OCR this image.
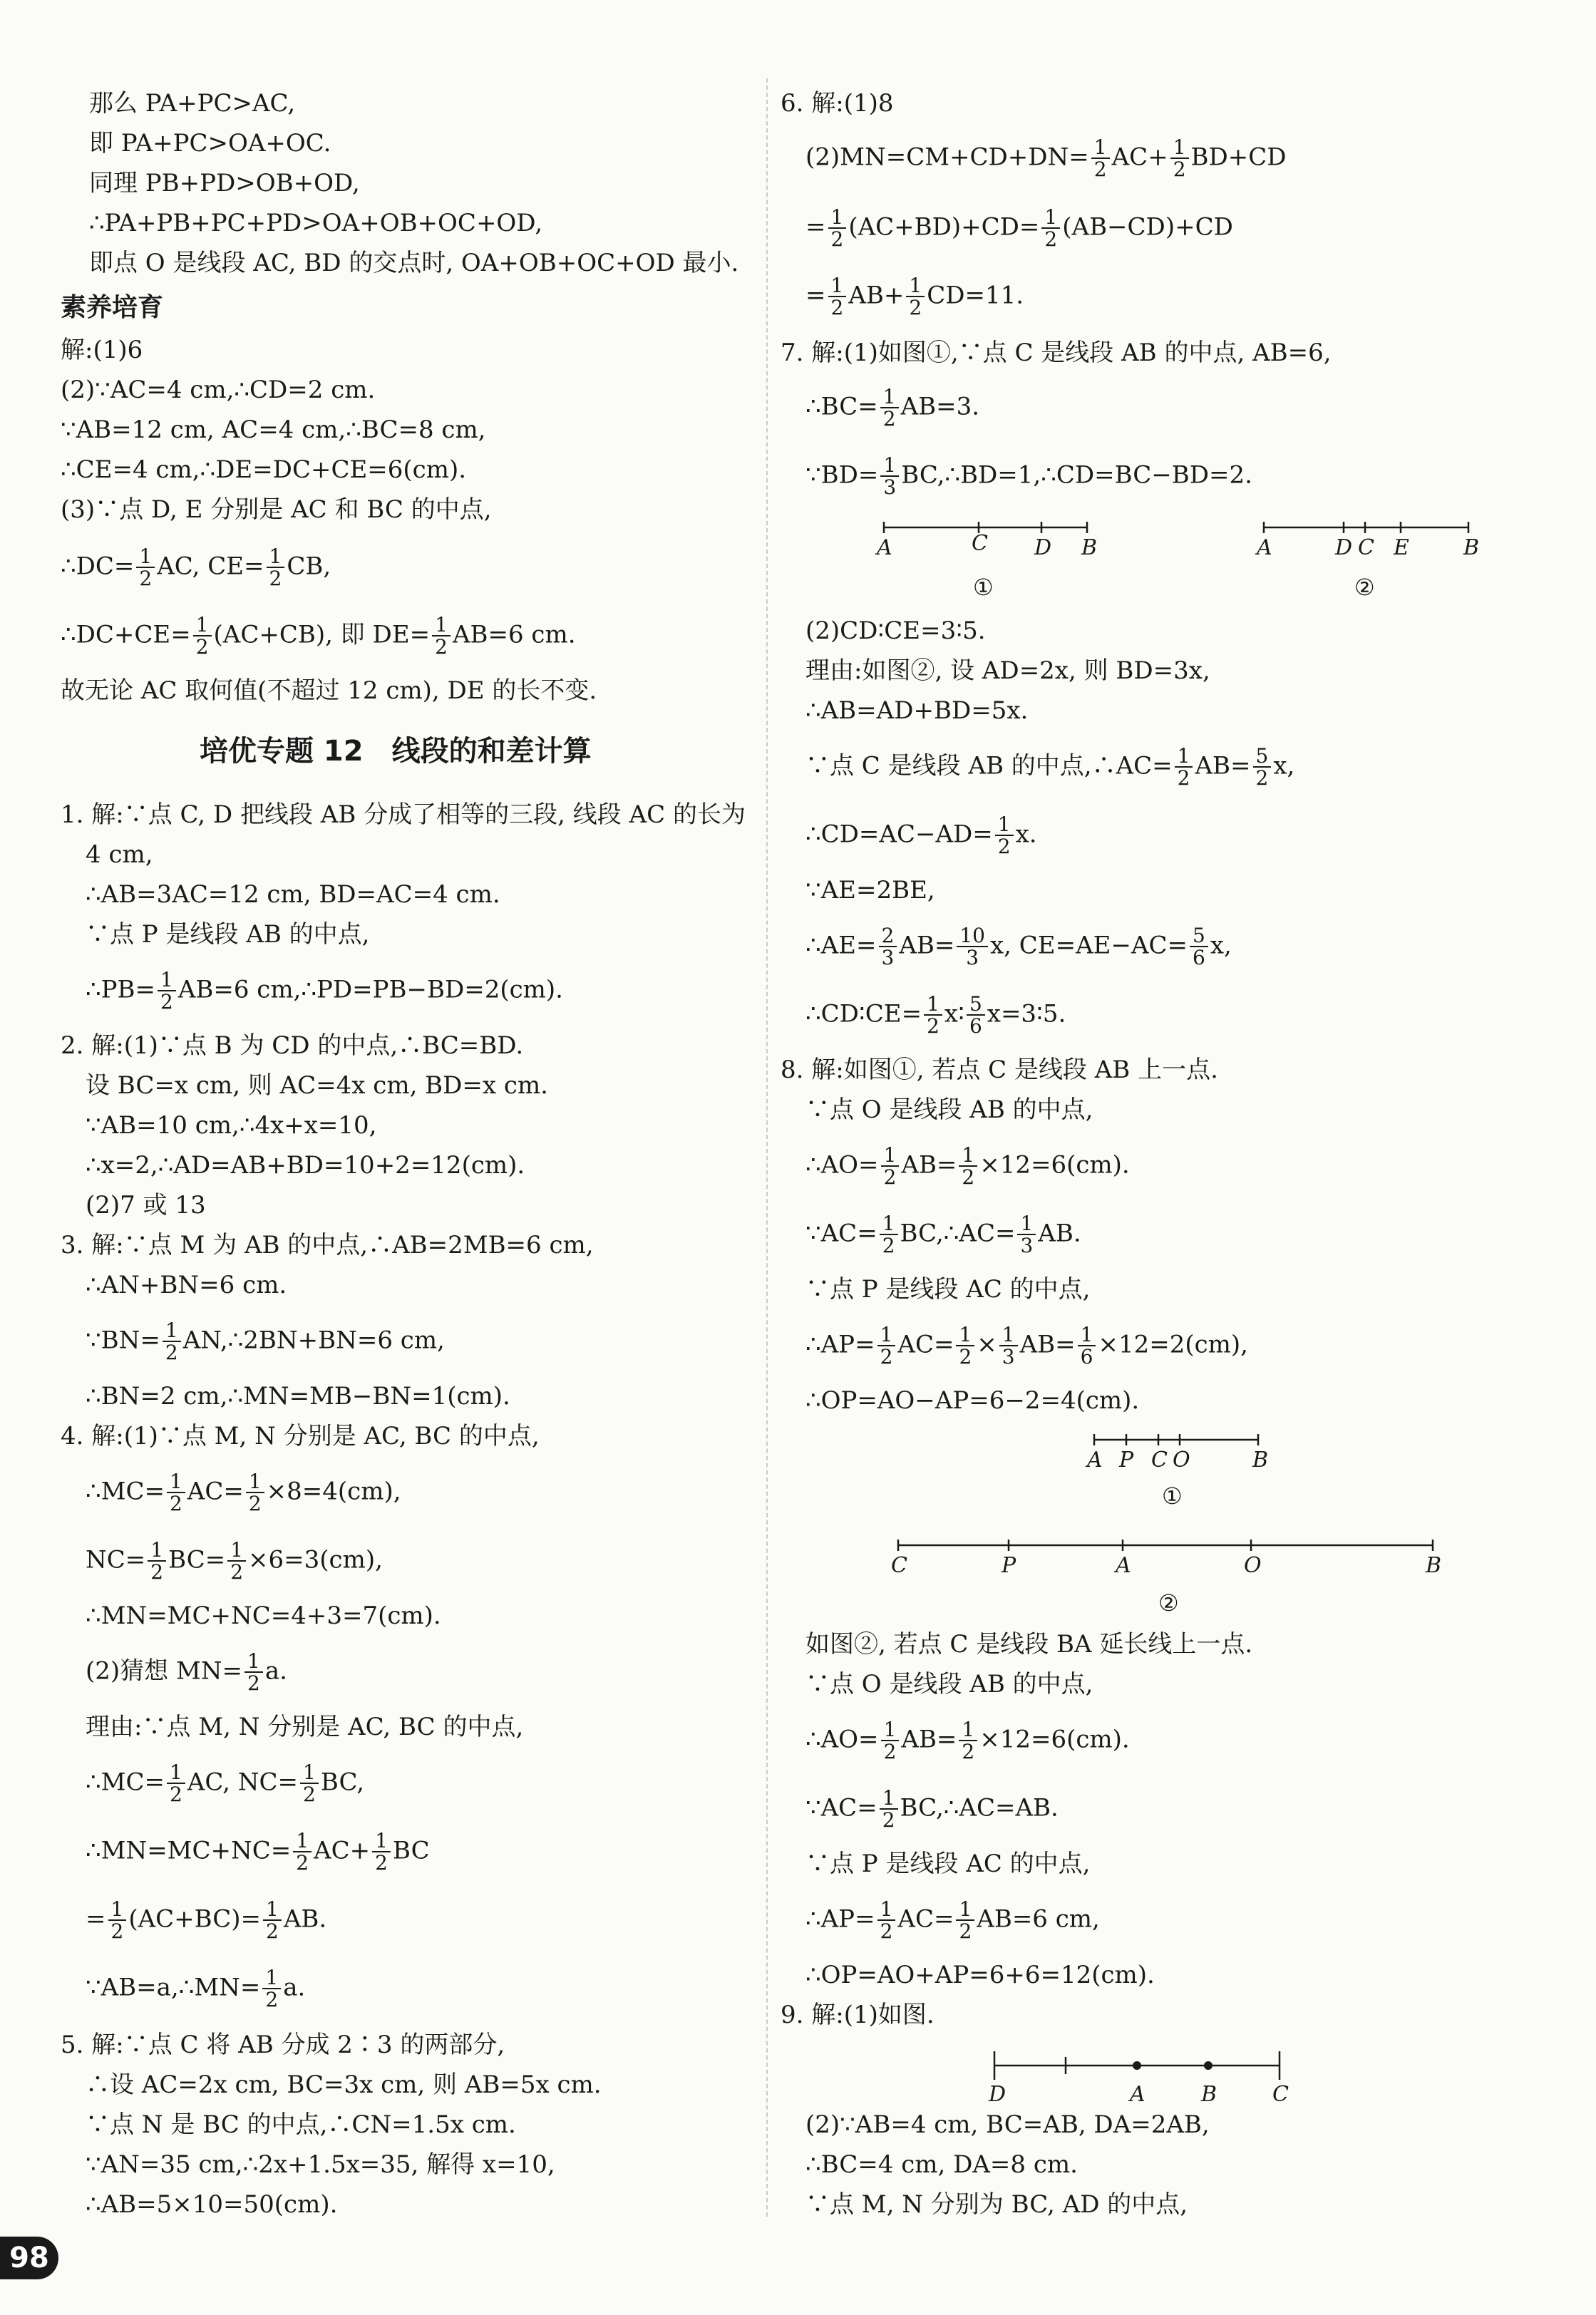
那么 PA+PC>AC,
即 PA+PC>OA+OC.
同理 PB+PD>OB+OD,
∴PA+PB+PC+PD>OA+OB+OC+OD,
即点 O 是线段 AC, BD 的交点时, OA+OB+OC+OD 最小.
素养培育
解:(1)6
(2)∵AC=4 cm,∴CD=2 cm.
∵AB=12 cm, AC=4 cm,∴BC=8 cm,
∴CE=4 cm,∴DE=DC+CE=6(cm).
(3)∵点 D, E 分别是 AC 和 BC 的中点,
∴DC= $\frac{1}{2}$ AC, $CE= \frac{1}{2}$ CB,
∴DC+CE= $\frac{1}{2} (AC+CB)$, 即 $DE= \frac{1}{2} AB=6$ cm.
故无论 AC 取何值(不超过 12 cm), DE 的长不变.
培优专题 12　线段的和差计算
1. 解:∵点 C, D 把线段 AB 分成了相等的三段, 线段 AC 的长为
4 cm,
∴AB=3AC=12 cm, BD=AC=4 cm.
∵点 P 是线段 AB 的中点,
∴PB= $\frac{1}{2} AB=6$ cm,∴PD=PB−BD=2(cm).
2. 解:(1)∵点 B 为 CD 的中点,∴BC=BD.
设 BC=x cm, 则 AC=4x cm, BD=x cm.
∵AB=10 cm,∴4x+x=10,
∴x=2,∴AD=AB+BD=10+2=12(cm).
(2)7 或 13
3. 解:∵点 M 为 AB 的中点,∴AB=2MB=6 cm,
∴AN+BN=6 cm.
∵BN= $\frac{1}{2}$ AN,∴2BN+BN=6 cm,
∴BN=2 cm,∴MN=MB−BN=1(cm).
4. 解:(1)∵点 M, N 分别是 AC, BC 的中点,
∴MC= $\frac{1}{2} AC= \frac{1}{2} \times 8=4(cm)$,
$NC= \frac{1}{2} BC= \frac{1}{2} \times 6=3(cm)$,
∴MN=MC+NC=4+3=7(cm).
(2)猜想 $MN= \frac{1}{2} a$.
理由:∵点 M, N 分别是 AC, BC 的中点,
∴MC= $\frac{1}{2}$ AC, $NC= \frac{1}{2}$ BC,
∴MN=MC+NC= $\frac{1}{2} AC+ \frac{1}{2}$ BC
= $\frac{1}{2} (AC+BC)= \frac{1}{2}$ AB.
∵AB=a,∴MN= $\frac{1}{2} a$.
5. 解:∵点 C 将 AB 分成 2∶3 的两部分,
∴设 AC=2x cm, BC=3x cm, 则 AB=5x cm.
∵点 N 是 BC 的中点,∴CN=1.5x cm.
∵AN=35 cm,∴2x+1.5x=35, 解得 x=10,
∴AB=5×10=50(cm).
6. 解:(1)8
$(2)MN=CM+CD+DN= \frac{1}{2} AC+ \frac{1}{2} BD+CD$
= $\frac{1}{2} (AC+BD)+CD= \frac{1}{2} (AB-CD)+CD$
= $\frac{1}{2} AB+ \frac{1}{2} CD=11$.
7. 解:(1)如图①,∵点 C 是线段 AB 的中点, AB=6,
∴BC= $\frac{1}{2} AB=3$.
∵BD= $\frac{1}{3}$ BC,∴BD=1,∴CD=BC−BD=2.
A	C D B
①
A	D C E	B
②
(2)CD∶CE=3∶5.
理由:如图②, 设 AD=2x, 则 BD=3x,
∴AB=AD+BD=5x.
∵点 C 是线段 AB 的中点,∴AC= $\frac{1}{2} AB= \frac{5}{2} x$,
∴CD=AC−AD= $\frac{1}{2} x$.
∵AE=2BE,
∴AE= $\frac{2}{3} AB= \frac{10}{3} x$, $CE=AE-AC= \frac{5}{6} x$,
∴CD∶CE= $\frac{1}{2}$ x∶ $\frac{5}{6}$ x=3∶5.
8. 解:如图①, 若点 C 是线段 AB 上一点.
∵点 O 是线段 AB 的中点,
∴AO= $\frac{1}{2} AB= \frac{1}{2} \times 12=6(cm)$.
∵AC= $\frac{1}{2}$ BC,∴AC= $\frac{1}{3}$ AB.
∵点 P 是线段 AC 的中点,
∴AP= $\frac{1}{2} AC= \frac{1}{2} \times \frac{1}{3} AB= \frac{1}{6} \times 12=2(cm)$,
∴OP=AO−AP=6−2=4(cm).
A P C O	B
①
C	P	A	O	B
②
如图②, 若点 C 是线段 BA 延长线上一点.
∵点 O 是线段 AB 的中点,
∴AO= $\frac{1}{2} AB= \frac{1}{2} \times 12=6(cm)$.
∵AC= $\frac{1}{2}$ BC,∴AC=AB.
∵点 P 是线段 AC 的中点,
∴AP= $\frac{1}{2} AC= \frac{1}{2} AB=6$ cm,
∴OP=AO+AP=6+6=12(cm).
9. 解:(1)如图.
D	A	B	C
(2)∵AB=4 cm, BC=AB, DA=2AB,
∴BC=4 cm, DA=8 cm.
∵点 M, N 分别为 BC, AD 的中点,
98
